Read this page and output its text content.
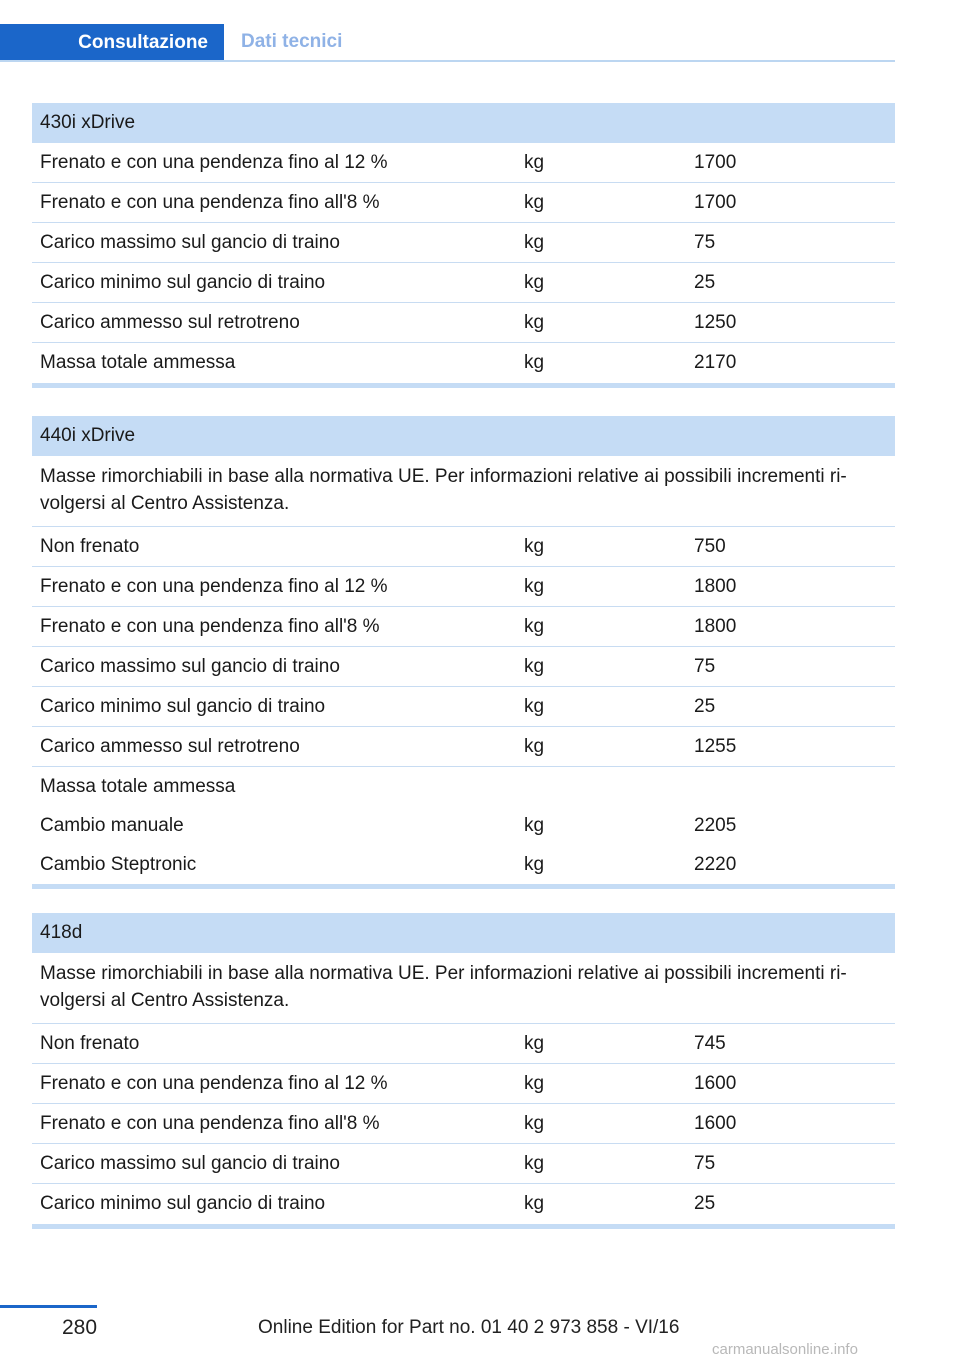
Consultazione Dati tecnici
430i xDrive
Frenato e con una pendenza fino al 12 %	kg	1700
Frenato e con una pendenza fino all'8 %	kg	1700
Carico massimo sul gancio di traino	kg	75
Carico minimo sul gancio di traino	kg	25
Carico ammesso sul retrotreno	kg	1250
Massa totale ammessa	kg	2170
440i xDrive
Masse rimorchiabili in base alla normativa UE. Per informazioni relative ai possibili incrementi ri-
volgersi al Centro Assistenza.
Non frenato	kg	750
Frenato e con una pendenza fino al 12 %	kg	1800
Frenato e con una pendenza fino all'8 %	kg	1800
Carico massimo sul gancio di traino	kg	75
Carico minimo sul gancio di traino	kg	25
Carico ammesso sul retrotreno	kg	1255
Massa totale ammessa
Cambio manuale	kg	2205
Cambio Steptronic	kg	2220
418d
Masse rimorchiabili in base alla normativa UE. Per informazioni relative ai possibili incrementi ri-
volgersi al Centro Assistenza.
Non frenato	kg	745
Frenato e con una pendenza fino al 12 %	kg	1600
Frenato e con una pendenza fino all'8 %	kg	1600
Carico massimo sul gancio di traino	kg	75
Carico minimo sul gancio di traino	kg	25
280	Online Edition for Part no. 01 40 2 973 858 - VI/16
carmanualsonline.info
